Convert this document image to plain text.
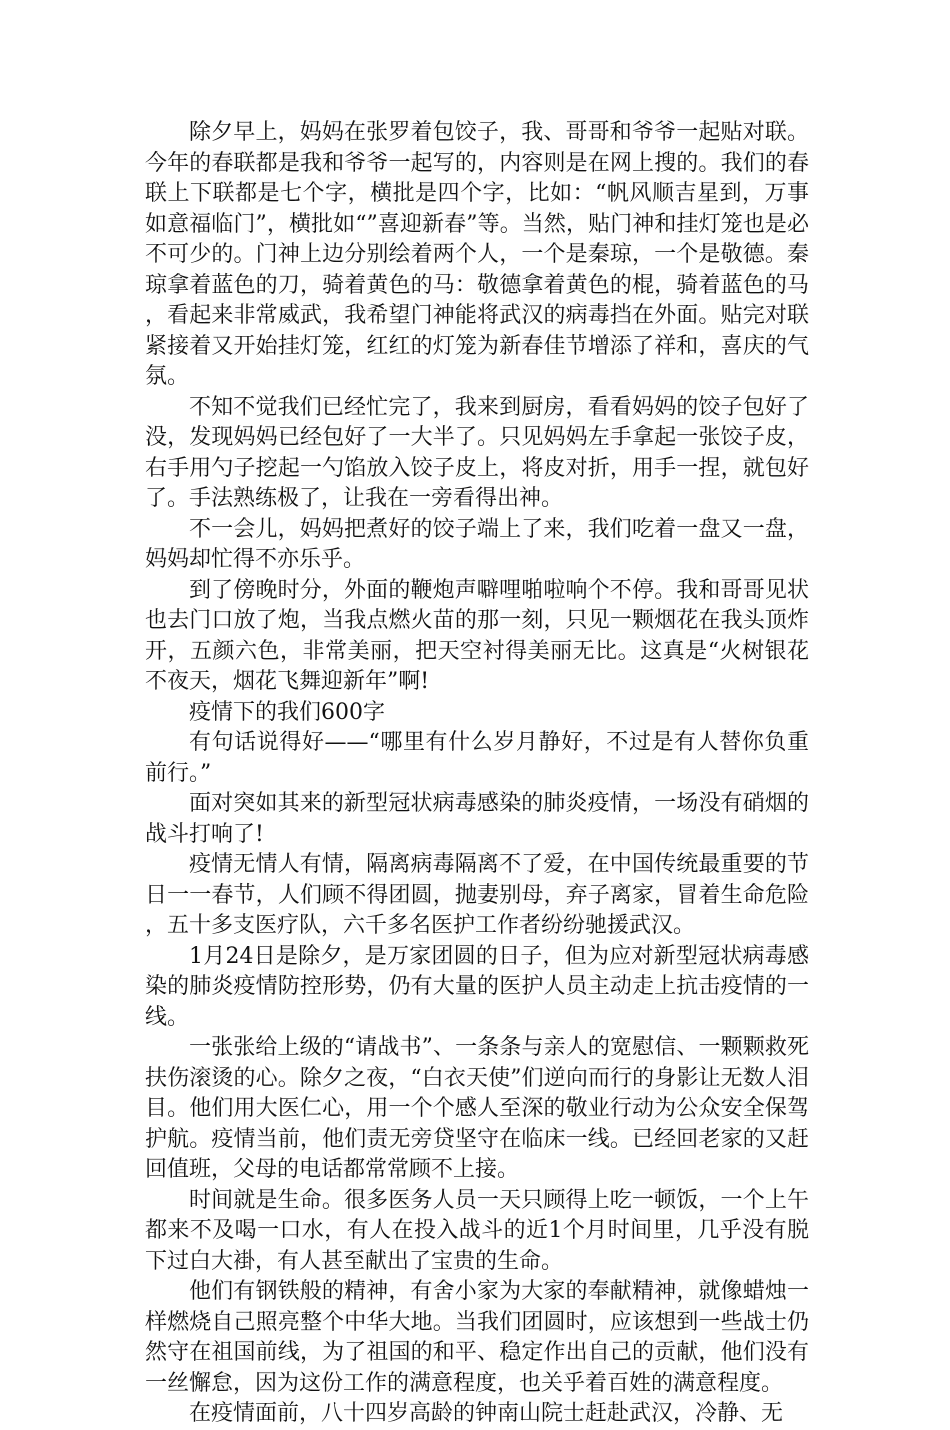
除夕早上，妈妈在张罗着包饺子，我、哥哥和爷爷一起贴对联。今年的春联都是我和爷爷一起写的，内容则是在网上搜的。我们的春联上下联都是七个字，横批是四个字，比如：“帆风顺吉星到，万事如意福临门”，横批如“”喜迎新春”等。当然，贴门神和挂灯笼也是必不可少的。门神上边分别绘着两个人，一个是秦琼，一个是敬德。秦琼拿着蓝色的刀，骑着黄色的马：敬德拿着黄色的棍，骑着蓝色的马，看起来非常威武，我希望门神能将武汉的病毒挡在外面。贴完对联紧接着又开始挂灯笼，红红的灯笼为新春佳节增添了祥和，喜庆的气氛。

不知不觉我们已经忙完了，我来到厨房，看看妈妈的饺子包好了没，发现妈妈已经包好了一大半了。只见妈妈左手拿起一张饺子皮，右手用勺子挖起一勺馅放入饺子皮上，将皮对折，用手一捏，就包好了。手法熟练极了，让我在一旁看得出神。

不一会儿，妈妈把煮好的饺子端上了来，我们吃着一盘又一盘，妈妈却忙得不亦乐乎。

到了傍晚时分，外面的鞭炮声噼哩啪啦响个不停。我和哥哥见状也去门口放了炮，当我点燃火苗的那一刻，只见一颗烟花在我头顶炸开，五颜六色，非常美丽，把天空衬得美丽无比。这真是“火树银花不夜天，烟花飞舞迎新年”啊!

疫情下的我们600字

有句话说得好——“哪里有什么岁月静好，不过是有人替你负重前行。”

面对突如其来的新型冠状病毒感染的肺炎疫情，一场没有硝烟的战斗打响了!

疫情无情人有情，隔离病毒隔离不了爱，在中国传统最重要的节日一一春节，人们顾不得团圆，抛妻别母，弃子离家，冒着生命危险，五十多支医疗队，六千多名医护工作者纷纷驰援武汉。

1月24日是除夕，是万家团圆的日子，但为应对新型冠状病毒感染的肺炎疫情防控形势，仍有大量的医护人员主动走上抗击疫情的一线。

一张张给上级的“请战书”、一条条与亲人的宽慰信、一颗颗救死扶伤滚烫的心。除夕之夜，“白衣天使”们逆向而行的身影让无数人泪目。他们用大医仁心，用一个个感人至深的敬业行动为公众安全保驾护航。疫情当前，他们责无旁贷坚守在临床一线。已经回老家的又赶回值班，父母的电话都常常顾不上接。

时间就是生命。很多医务人员一天只顾得上吃一顿饭，一个上午都来不及喝一口水，有人在投入战斗的近1个月时间里，几乎没有脱下过白大褂，有人甚至献出了宝贵的生命。

他们有钢铁般的精神，有舍小家为大家的奉献精神，就像蜡烛一样燃烧自己照亮整个中华大地。当我们团圆时，应该想到一些战士仍然守在祖国前线，为了祖国的和平、稳定作出自己的贡献，他们没有一丝懈怠，因为这份工作的满意程度，也关乎着百姓的满意程度。

在疫情面前，八十四岁高龄的钟南山院士赶赴武汉，冷静、无
